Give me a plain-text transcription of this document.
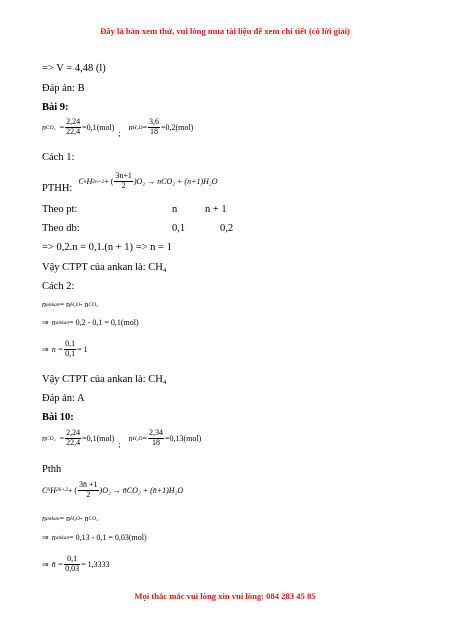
Đây là bản xem thử, vui lòng mua tài liệu để xem chi tiết (có lời giải)
=> V = 4,48 (l)
Đáp án: B
Bài 9:
n $CO_2 = \frac{2,24}{22,4} = 0,1(mol)$
;
n $H_2O = \frac{3,6}{18} = 0,2(mol)$
Cách 1:
PTHH:
C n H 2n+2 + ( $\frac{3n+1}{2} )O_2 \to nCO_2 + (n+1)H_2O$
Theo pt:	n	n + 1
Theo db:	0,1	0,2
=> 0,2.n = 0,1.(n + 1) => n = 1
Vậy CTPT của ankan là: CH₄
Cách 2:
n ankan = n H₂O - n CO₂
⇒ n ankan = 0,2 - 0,1 = 0,1(mol)
⇒ $n = \frac{0,1}{0,1} = 1$
Vậy CTPT của ankan là: CH₄
Đáp án: A
Bài 10:
n $CO_2 = \frac{2,24}{22,4} = 0,1(mol)$
;
n $H_2O = \frac{2,34}{18} = 0,13(mol)$
Pthh
C n̄ H 2n̄+2 + ( $\frac{3n̄ +1}{2} )O_2$ → n̄CO₂ + (n̄+1)H₂O
n ankan = n H₂O - n CO₂
⇒ n ankan = 0,13 - 0,1 = 0,03(mol)
⇒ n̄ = $\frac{0,1}{0,03} = 1,3333$
Mọi thắc mắc vui lòng xin vui lòng: 084 283 45 85
